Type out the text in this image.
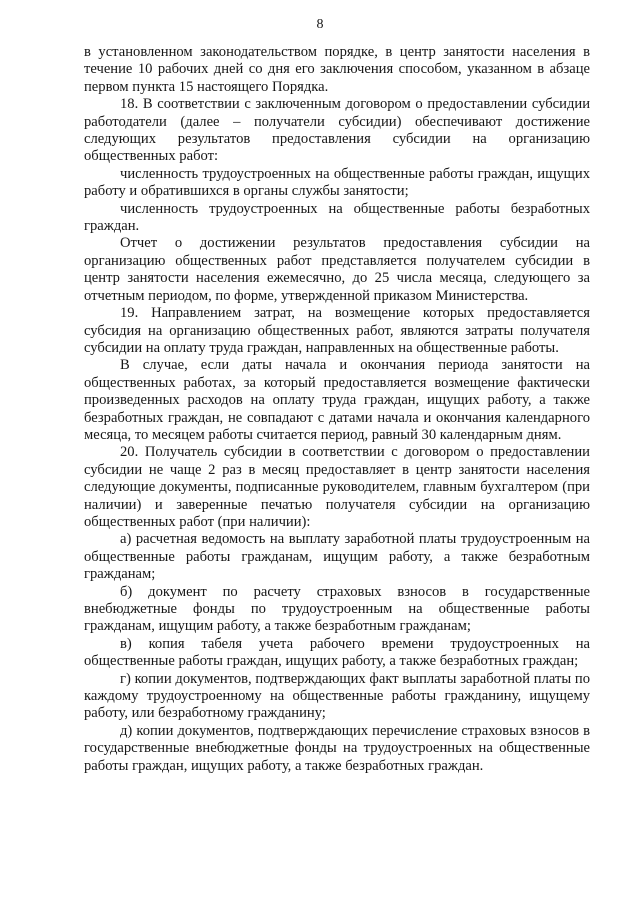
8

в установленном законодательством порядке, в центр занятости населения в течение 10 рабочих дней со дня его заключения способом, указанном в абзаце первом пункта 15 настоящего Порядка.

18. В соответствии с заключенным договором о предоставлении субсидии работодатели (далее – получатели субсидии) обеспечивают достижение следующих результатов предоставления субсидии на организацию общественных работ:

численность трудоустроенных на общественные работы граждан, ищущих работу и обратившихся в органы службы занятости;

численность трудоустроенных на общественные работы безработных граждан.

Отчет о достижении результатов предоставления субсидии на организацию общественных работ представляется получателем субсидии в центр занятости населения ежемесячно, до 25 числа месяца, следующего за отчетным периодом, по форме, утвержденной приказом Министерства.

19. Направлением затрат, на возмещение которых предоставляется субсидия на организацию общественных работ, являются затраты получателя субсидии на оплату труда граждан, направленных на общественные работы.

В случае, если даты начала и окончания периода занятости на общественных работах, за который предоставляется возмещение фактически произведенных расходов на оплату труда граждан, ищущих работу, а также безработных граждан, не совпадают с датами начала и окончания календарного месяца, то месяцем работы считается период, равный 30 календарным дням.

20. Получатель субсидии в соответствии с договором о предоставлении субсидии не чаще 2 раз в месяц предоставляет в центр занятости населения следующие документы, подписанные руководителем, главным бухгалтером (при наличии) и заверенные печатью получателя субсидии на организацию общественных работ (при наличии):

а) расчетная ведомость на выплату заработной платы трудоустроенным на общественные работы гражданам, ищущим работу, а также безработным гражданам;

б) документ по расчету страховых взносов в государственные внебюджетные фонды по трудоустроенным на общественные работы гражданам, ищущим работу, а также безработным гражданам;

в) копия табеля учета рабочего времени трудоустроенных на общественные работы граждан, ищущих работу, а также безработных граждан;

г) копии документов, подтверждающих факт выплаты заработной платы по каждому трудоустроенному на общественные работы гражданину, ищущему работу, или безработному гражданину;

д) копии документов, подтверждающих перечисление страховых взносов в государственные внебюджетные фонды на трудоустроенных на общественные работы граждан, ищущих работу, а также безработных граждан.
